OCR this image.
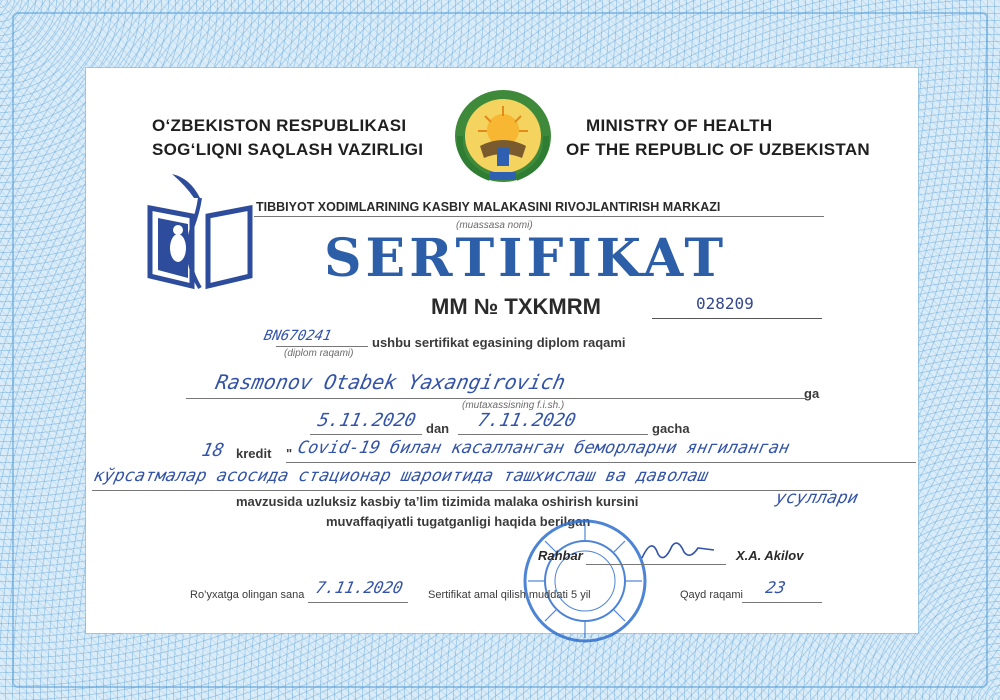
O‘ZBEKISTON RESPUBLIKASI
SOG‘LIQNI SAQLASH VAZIRLIGI
MINISTRY OF HEALTH
OF THE REPUBLIC OF UZBEKISTAN
TIBBIYOT XODIMLARINING KASBIY MALAKASINI RIVOJLANTIRISH MARKAZI
(muassasa nomi)
SERTIFIKAT
MM № TXKMRM	028209
BN670241
(diplom raqami)
ushbu sertifikat egasining diplom raqami
Rasmonov Otabek Yaxangirovich
(mutaxassisning f.i.sh.)
ga
5.11.2020 dan 7.11.2020	gacha
18 kredit " Covid-19 билан касалланган беморларни янгиланган
кўрсатмалар асосида стационар шароитида ташхислаш ва даволаш
mavzusida uzluksiz kasbiy ta’lim tizimida malaka oshirish kursini	усуллари
muvaffaqiyatli tugatganligi haqida berilgan
Rahbar	X.A. Akilov
Ro’yxatga olingan sana 7.11.2020 Sertifikat amal qilish muddati 5 yil	Qayd raqami 23
